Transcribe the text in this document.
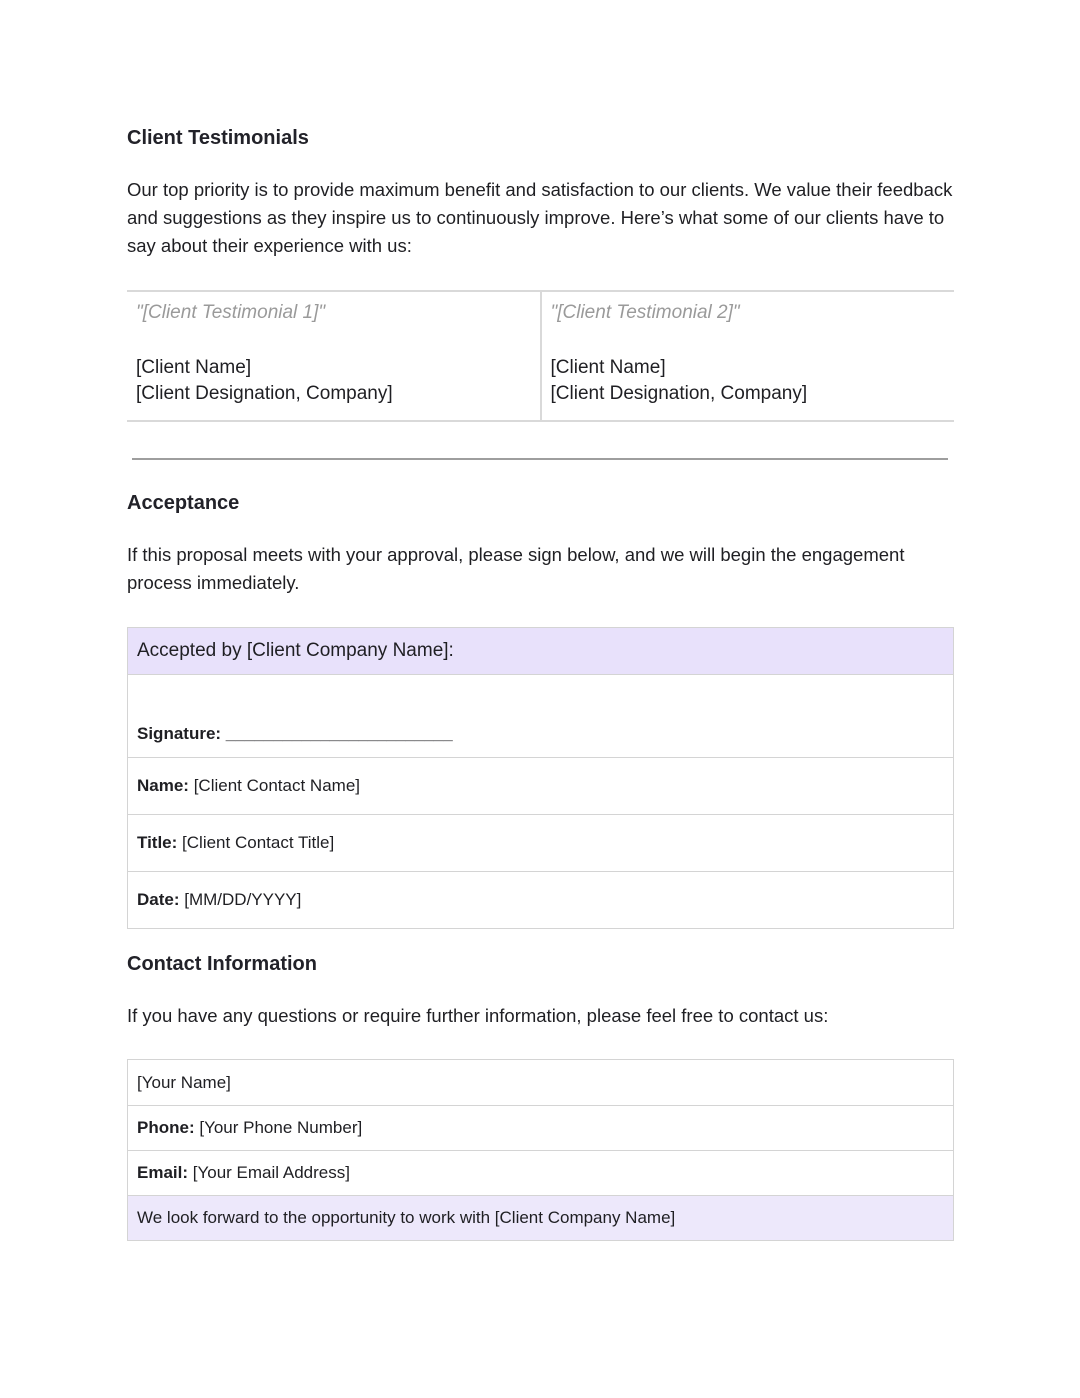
Client Testimonials

Our top priority is to provide maximum benefit and satisfaction to our clients. We value their feedback and suggestions as they inspire us to continuously improve. Here’s what some of our clients have to say about their experience with us:

"[Client Testimonial 1]"
[Client Name]
[Client Designation, Company]
"[Client Testimonial 2]"
[Client Name]
[Client Designation, Company]
Acceptance

If this proposal meets with your approval, please sign below, and we will begin the engagement process immediately.

Accepted by [Client Company Name]:
Signature:
________________________
Name:
[Client Contact Name]
Title:
[Client Contact Title]
Date:
[MM/DD/YYYY]
Contact Information

If you have any questions or require further information, please feel free to contact us:

[Your Name]
Phone:
[Your Phone Number]
Email:
[Your Email Address]
We look forward to the opportunity to work with [Client Company Name]
